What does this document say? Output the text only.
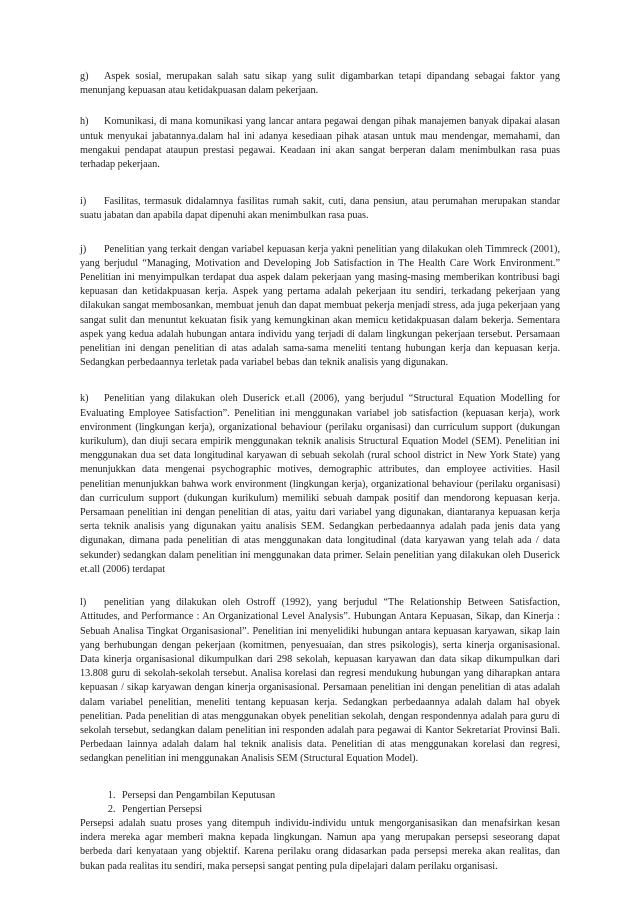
g) Aspek sosial, merupakan salah satu sikap yang sulit digambarkan tetapi dipandang sebagai faktor yang menunjang kepuasan atau ketidakpuasan dalam pekerjaan.

h) Komunikasi, di mana komunikasi yang lancar antara pegawai dengan pihak manajemen banyak dipakai alasan untuk menyukai jabatannya.dalam hal ini adanya kesediaan pihak atasan untuk mau mendengar, memahami, dan mengakui pendapat ataupun prestasi pegawai. Keadaan ini akan sangat berperan dalam menimbulkan rasa puas terhadap pekerjaan.

i) Fasilitas, termasuk didalamnya fasilitas rumah sakit, cuti, dana pensiun, atau perumahan merupakan standar suatu jabatan dan apabila dapat dipenuhi akan menimbulkan rasa puas.

j) Penelitian yang terkait dengan variabel kepuasan kerja yakni penelitian yang dilakukan oleh Timmreck (2001), yang berjudul “Managing, Motivation and Developing Job Satisfaction in The Health Care Work Environment.” Penelitian ini menyimpulkan terdapat dua aspek dalam pekerjaan yang masing-masing memberikan kontribusi bagi kepuasan dan ketidakpuasan kerja. Aspek yang pertama adalah pekerjaan itu sendiri, terkadang pekerjaan yang dilakukan sangat membosankan, membuat jenuh dan dapat membuat pekerja menjadi stress, ada juga pekerjaan yang sangat sulit dan menuntut kekuatan fisik yang kemungkinan akan memicu ketidakpuasan dalam bekerja. Sementara aspek yang kedua adalah hubungan antara individu yang terjadi di dalam lingkungan pekerjaan tersebut. Persamaan penelitian ini dengan penelitian di atas adalah sama-sama meneliti tentang hubungan kerja dan kepuasan kerja. Sedangkan perbedaannya terletak pada variabel bebas dan teknik analisis yang digunakan.

k) Penelitian yang dilakukan oleh Duserick et.all (2006), yang berjudul “Structural Equation Modelling for Evaluating Employee Satisfaction”. Penelitian ini menggunakan variabel job satisfaction (kepuasan kerja), work environment (lingkungan kerja), organizational behaviour (perilaku organisasi) dan curriculum support (dukungan kurikulum), dan diuji secara empirik menggunakan teknik analisis Structural Equation Model (SEM). Penelitian ini menggunakan dua set data longitudinal karyawan di sebuah sekolah (rural school district in New York State) yang menunjukkan data mengenai psychographic motives, demographic attributes, dan employee activities. Hasil penelitian menunjukkan bahwa work environment (lingkungan kerja), organizational behaviour (perilaku organisasi) dan curriculum support (dukungan kurikulum) memiliki sebuah dampak positif dan mendorong kepuasan kerja. Persamaan penelitian ini dengan penelitian di atas, yaitu dari variabel yang digunakan, diantaranya kepuasan kerja serta teknik analisis yang digunakan yaitu analisis SEM. Sedangkan perbedaannya adalah pada jenis data yang digunakan, dimana pada penelitian di atas menggunakan data longitudinal (data karyawan yang telah ada / data sekunder) sedangkan dalam penelitian ini menggunakan data primer. Selain penelitian yang dilakukan oleh Duserick et.all (2006) terdapat

l) penelitian yang dilakukan oleh Ostroff (1992), yang berjudul “The Relationship Between Satisfaction, Attitudes, and Performance : An Organizational Level Analysis”. Hubungan Antara Kepuasan, Sikap, dan Kinerja : Sebuah Analisa Tingkat Organisasional”. Penelitian ini menyelidiki hubungan antara kepuasan karyawan, sikap lain yang berhubungan dengan pekerjaan (komitmen, penyesuaian, dan stres psikologis), serta kinerja organisasional. Data kinerja organisasional dikumpulkan dari 298 sekolah, kepuasan karyawan dan data sikap dikumpulkan dari 13.808 guru di sekolah-sekolah tersebut. Analisa korelasi dan regresi mendukung hubungan yang diharapkan antara kepuasan / sikap karyawan dengan kinerja organisasional. Persamaan penelitian ini dengan penelitian di atas adalah dalam variabel penelitian, meneliti tentang kepuasan kerja. Sedangkan perbedaannya adalah dalam hal obyek penelitian. Pada penelitian di atas menggunakan obyek penelitian sekolah, dengan respondennya adalah para guru di sekolah tersebut, sedangkan dalam penelitian ini responden adalah para pegawai di Kantor Sekretariat Provinsi Bali. Perbedaan lainnya adalah dalam hal teknik analisis data. Penelitian di atas menggunakan korelasi dan regresi, sedangkan penelitian ini menggunakan Analisis SEM (Structural Equation Model).

1. Persepsi dan Pengambilan Keputusan
2. Pengertian Persepsi

Persepsi adalah suatu proses yang ditempuh individu-individu untuk mengorganisasikan dan menafsirkan kesan indera mereka agar memberi makna kepada lingkungan. Namun apa yang merupakan persepsi seseorang dapat berbeda dari kenyataan yang objektif. Karena perilaku orang didasarkan pada persepsi mereka akan realitas, dan bukan pada realitas itu sendiri, maka persepsi sangat penting pula dipelajari dalam perilaku organisasi.
